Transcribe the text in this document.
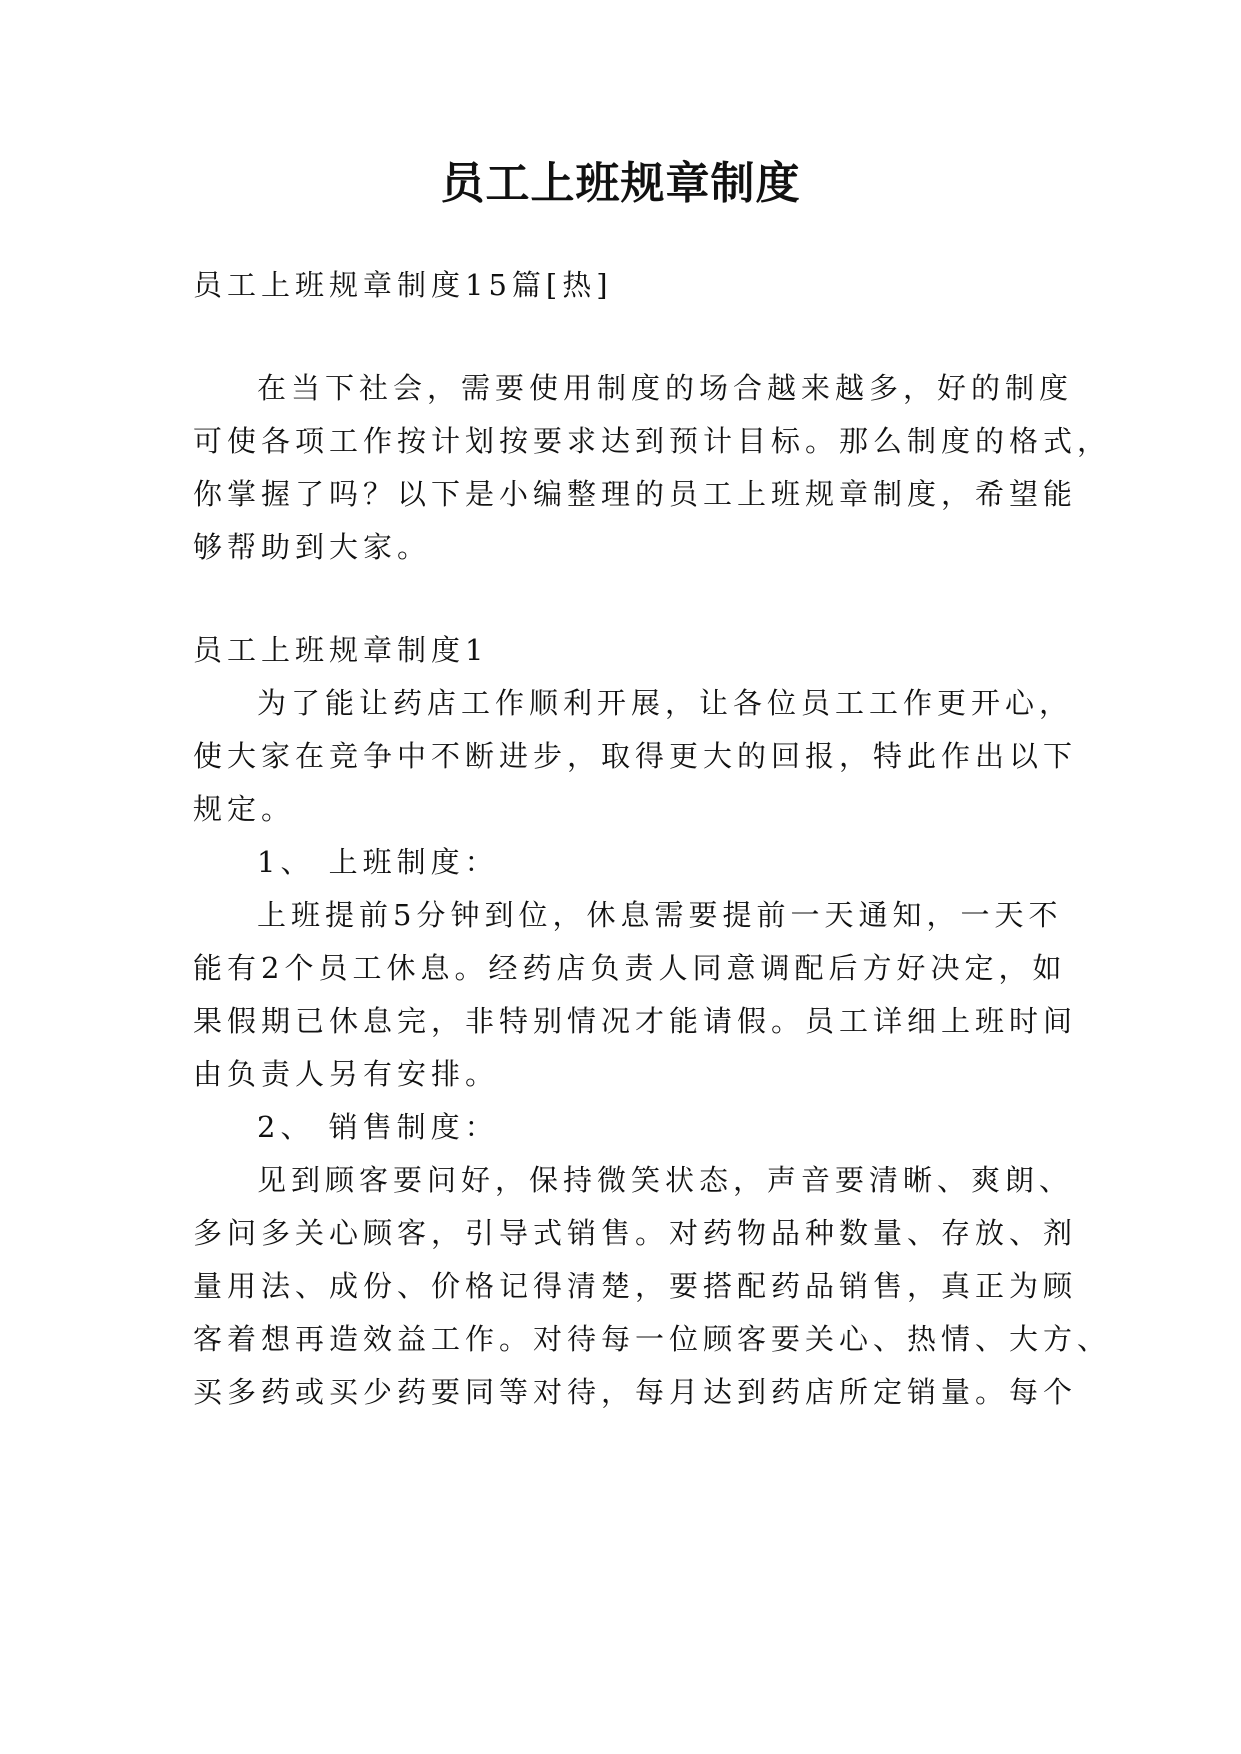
员工上班规章制度
员工上班规章制度15篇[热]
在当下社会，需要使用制度的场合越来越多，好的制度
可使各项工作按计划按要求达到预计目标。那么制度的格式，
你掌握了吗？以下是小编整理的员工上班规章制度，希望能
够帮助到大家。
员工上班规章制度1
为了能让药店工作顺利开展，让各位员工工作更开心，
使大家在竞争中不断进步，取得更大的回报，特此作出以下
规定。
1、 上班制度：
上班提前5分钟到位，休息需要提前一天通知，一天不
能有2个员工休息。经药店负责人同意调配后方好决定，如
果假期已休息完，非特别情况才能请假。员工详细上班时间
由负责人另有安排。
2、 销售制度：
见到顾客要问好，保持微笑状态，声音要清晰、爽朗、
多问多关心顾客，引导式销售。对药物品种数量、存放、剂
量用法、成份、价格记得清楚，要搭配药品销售，真正为顾
客着想再造效益工作。对待每一位顾客要关心、热情、大方、
买多药或买少药要同等对待，每月达到药店所定销量。每个
